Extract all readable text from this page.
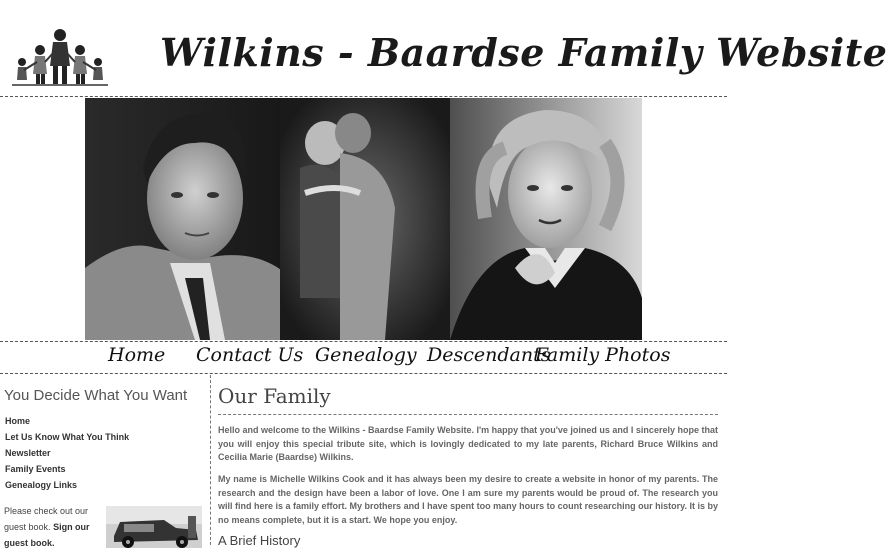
Wilkins - Baardse Family Website
Home Contact Us Genealogy Descendants
Family Photos
You Decide What You Want
Home
Let Us Know What You Think
Newsletter
Family Events
Genealogy Links
Please check out our guest book. Sign our guest book.
Our Family

Hello and welcome to the Wilkins - Baardse Family Website. I'm happy that you've joined us and I sincerely hope that you will enjoy this special tribute site, which is lovingly dedicated to my late parents, Richard Bruce Wilkins and Cecilia Marie (Baardse) Wilkins.

My name is Michelle Wilkins Cook and it has always been my desire to create a website in honor of my parents. The research and the design have been a labor of love. One I am sure my parents would be proud of. The research you will find here is a family effort. My brothers and I have spent too many hours to count researching our history. It is by no means complete, but it is a start. We hope you enjoy.

A Brief History
